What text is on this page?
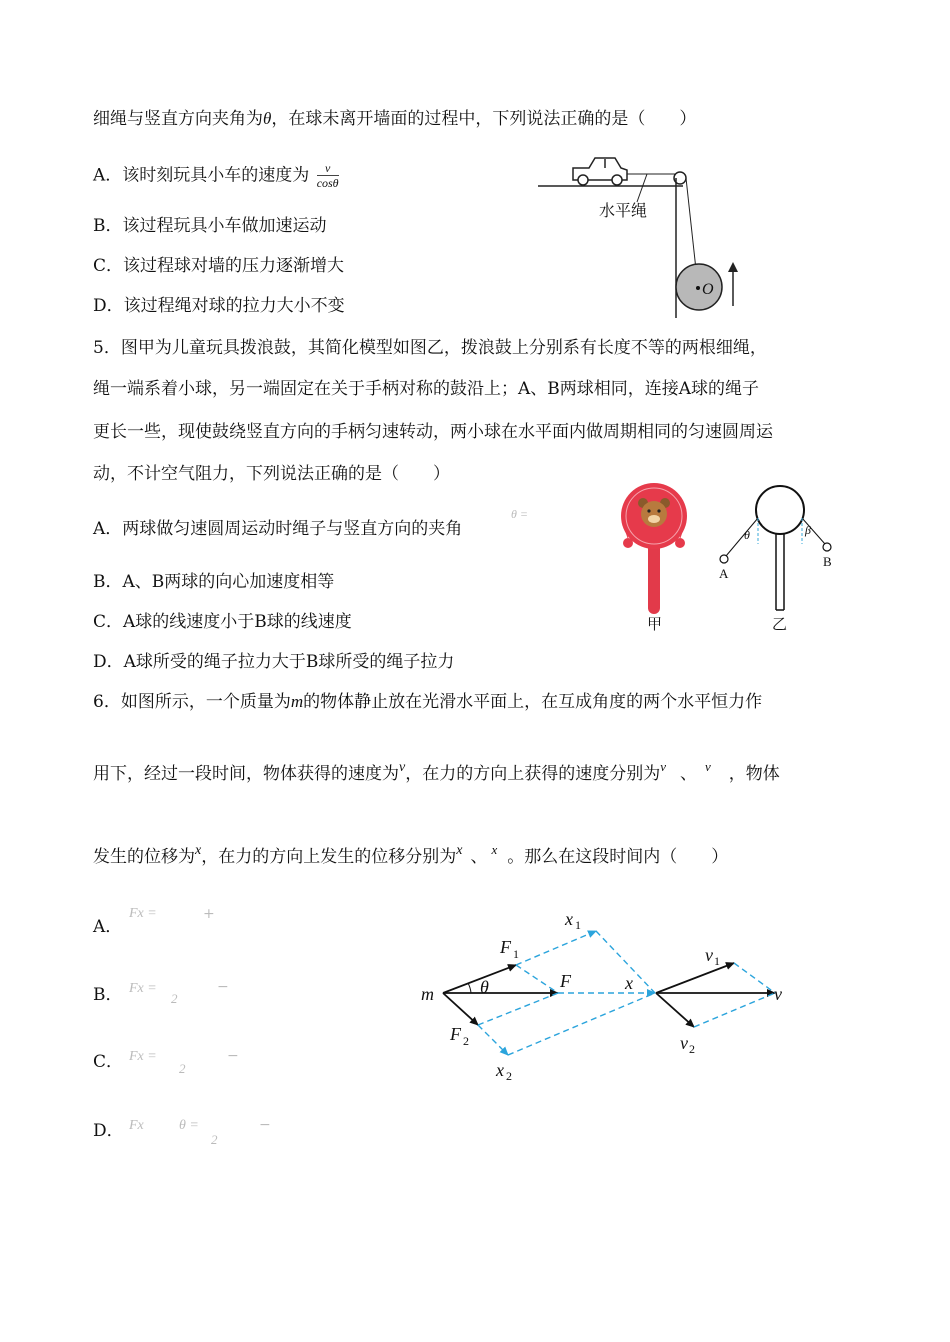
细绳与竖直方向夹角为θ，在球未离开墙面的过程中，下列说法正确的是（　　）
A．该时刻玩具小车的速度为 $\frac{v}{\cos\theta}$
B．该过程玩具小车做加速运动
C．该过程球对墙的压力逐渐增大
D．该过程绳对球的拉力大小不变
水平绳
O
5．图甲为儿童玩具拨浪鼓，其简化模型如图乙，拨浪鼓上分别系有长度不等的两根细绳，
绳一端系着小球，另一端固定在关于手柄对称的鼓沿上；A、B两球相同，连接A球的绳子
更长一些，现使鼓绕竖直方向的手柄匀速转动，两小球在水平面内做周期相同的匀速圆周运
动，不计空气阻力，下列说法正确的是（　　）
A．两球做匀速圆周运动时绳子与竖直方向的夹角
θ =
B．A、B两球的向心加速度相等
C．A球的线速度小于B球的线速度
D．A球所受的绳子拉力大于B球所受的绳子拉力
甲
θ	β
A
B
乙
6．如图所示，一个质量为m的物体静止放在光滑水平面上，在互成角度的两个水平恒力作
用下，经过一段时间，物体获得的速度为$^v$，在力的方向上获得的速度分别为$^v$ 、 $^v$ ，物体
发生的位移为$^x$，在力的方向上发生的位移分别为$^x$ 、 $^x$ 。那么在这段时间内（　　）
A．
Fx =	+
B． Fx =
2
−
C． Fx =
2
−
D． Fx	θ =
2
−
m	θ
F 1
F
F 2
x 1
x
x 2
v 1
v
v 2
